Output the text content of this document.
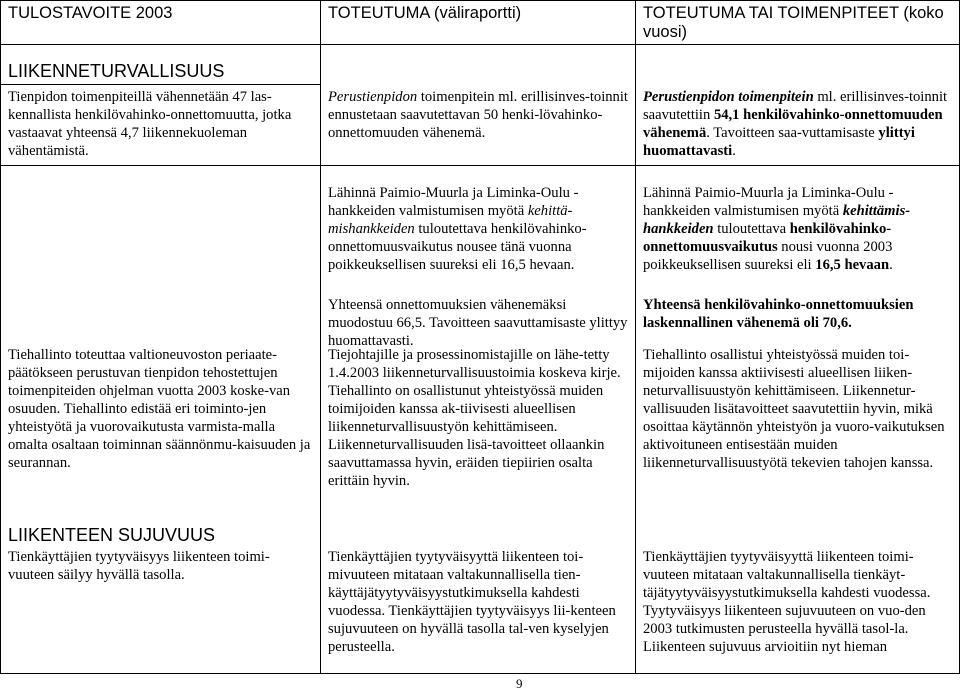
TULOSTAVOITE 2003	TOTEUTUMA (väliraportti)	TOTEUTUMA TAI TOIMENPITEET (koko vuosi)
LIIKENNETURVALLISUUS

Tienpidon toimenpiteillä vähennetään 47 las-kennallista henkilövahinko-onnettomuutta, jotka vastaavat yhteensä 4,7 liikennekuoleman vähentämistä.

Perustienpidon toimenpitein ml. erillisinves-toinnit ennustetaan saavutettavan 50 henki-lövahinko-onnettomuuden vähenemä.

Perustienpidon toimenpitein ml. erillisinves-toinnit saavutettiin 54,1 henkilövahinko-onnettomuuden vähenemä. Tavoitteen saa-vuttamisaste ylittyi huomattavasti.

Lähinnä Paimio-Muurla ja Liminka-Oulu -hankkeiden valmistumisen myötä kehittä-mishankkeiden tuloutettava henkilövahinko-onnettomuusvaikutus nousee tänä vuonna poikkeuksellisen suureksi eli 16,5 hevaan.

Lähinnä Paimio-Muurla ja Liminka-Oulu -hankkeiden valmistumisen myötä kehittämis-hankkeiden tuloutettava henkilövahinko-onnettomuusvaikutus nousi vuonna 2003 poikkeuksellisen suureksi eli 16,5 hevaan.

Yhteensä onnettomuuksien vähenemäksi muodostuu 66,5. Tavoitteen saavuttamisaste ylittyy huomattavasti.

Yhteensä henkilövahinko-onnettomuuksien laskennallinen vähenemä oli 70,6.

Tiehallinto toteuttaa valtioneuvoston periaate-päätökseen perustuvan tienpidon tehostettujen toimenpiteiden ohjelman vuotta 2003 koske-van osuuden. Tiehallinto edistää eri toiminto-jen yhteistyötä ja vuorovaikutusta varmista-malla omalta osaltaan toiminnan säännönmu-kaisuuden ja seurannan.

Tiejohtajille ja prosessinomistajille on lähe-tetty 1.4.2003 liikenneturvallisuustoimia koskeva kirje. Tiehallinto on osallistunut yhteistyössä muiden toimijoiden kanssa ak-tiivisesti alueellisen liikenneturvallisuustyön kehittämiseen. Liikenneturvallisuuden lisä-tavoitteet ollaankin saavuttamassa hyvin, eräiden tiepiirien osalta erittäin hyvin.

Tiehallinto osallistui yhteistyössä muiden toi-mijoiden kanssa aktiivisesti alueellisen liiken-neturvallisuustyön kehittämiseen. Liikennetur-vallisuuden lisätavoitteet saavutettiin hyvin, mikä osoittaa käytännön yhteistyön ja vuoro-vaikutuksen aktivoituneen entisestään muiden liikenneturvallisuustyötä tekevien tahojen kanssa.

LIIKENTEEN SUJUVUUS

Tienkäyttäjien tyytyväisyys liikenteen toimi-vuuteen säilyy hyvällä tasolla.

Tienkäyttäjien tyytyväisyyttä liikenteen toi-mivuuteen mitataan valtakunnallisella tien-käyttäjätyytyväisyystutkimuksella kahdesti vuodessa. Tienkäyttäjien tyytyväisyys lii-kenteen sujuvuuteen on hyvällä tasolla tal-ven kyselyjen perusteella.

Tienkäyttäjien tyytyväisyyttä liikenteen toimi-vuuteen mitataan valtakunnallisella tienkäyt-täjätyytyväisyystutkimuksella kahdesti vuodessa. Tyytyväisyys liikenteen sujuvuuteen on vuo-den 2003 tutkimusten perusteella hyvällä tasol-la. Liikenteen sujuvuus arvioitiin nyt hieman

9
